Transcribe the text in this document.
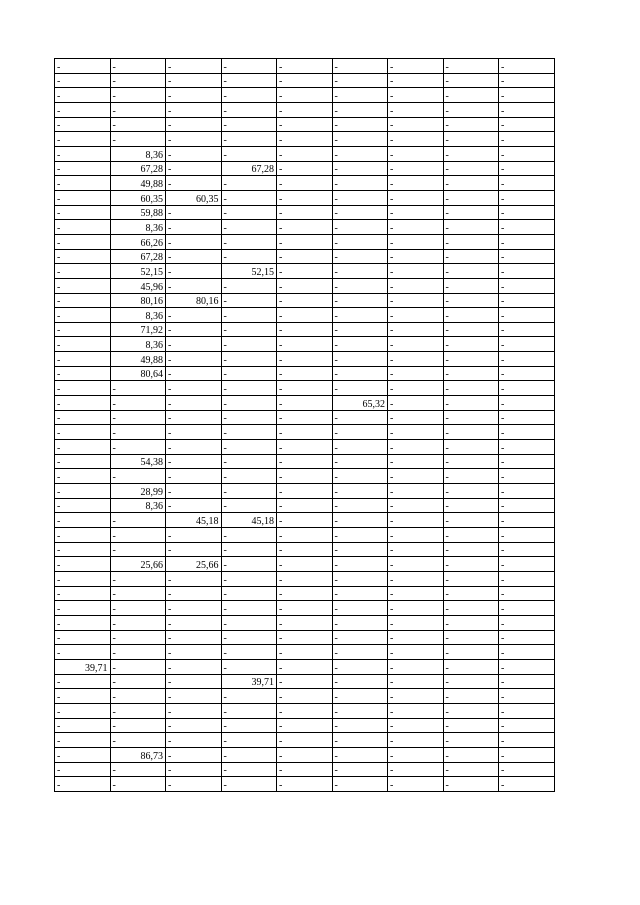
-	-	-	-	-	-	-	-	-
-	-	-	-	-	-	-	-	-
-	-	-	-	-	-	-	-	-
-	-	-	-	-	-	-	-	-
-	-	-	-	-	-	-	-	-
-	-	-	-	-	-	-	-	-
-	8,36	-	-	-	-	-	-	-
-	67,28	-	67,28	-	-	-	-	-
-	49,88	-	-	-	-	-	-	-
-	60,35	60,35	-	-	-	-	-	-
-	59,88	-	-	-	-	-	-	-
-	8,36	-	-	-	-	-	-	-
-	66,26	-	-	-	-	-	-	-
-	67,28	-	-	-	-	-	-	-
-	52,15	-	52,15	-	-	-	-	-
-	45,96	-	-	-	-	-	-	-
-	80,16	80,16	-	-	-	-	-	-
-	8,36	-	-	-	-	-	-	-
-	71,92	-	-	-	-	-	-	-
-	8,36	-	-	-	-	-	-	-
-	49,88	-	-	-	-	-	-	-
-	80,64	-	-	-	-	-	-	-
-	-	-	-	-	-	-	-	-
-	-	-	-	-	65,32	-	-	-
-	-	-	-	-	-	-	-	-
-	-	-	-	-	-	-	-	-
-	-	-	-	-	-	-	-	-
-	54,38	-	-	-	-	-	-	-
-	-	-	-	-	-	-	-	-
-	28,99	-	-	-	-	-	-	-
-	8,36	-	-	-	-	-	-	-
-	-	45,18	45,18	-	-	-	-	-
-	-	-	-	-	-	-	-	-
-	-	-	-	-	-	-	-	-
-	25,66	25,66	-	-	-	-	-	-
-	-	-	-	-	-	-	-	-
-	-	-	-	-	-	-	-	-
-	-	-	-	-	-	-	-	-
-	-	-	-	-	-	-	-	-
-	-	-	-	-	-	-	-	-
-	-	-	-	-	-	-	-	-
39,71	-	-	-	-	-	-	-	-
-	-	-	39,71	-	-	-	-	-
-	-	-	-	-	-	-	-	-
-	-	-	-	-	-	-	-	-
-	-	-	-	-	-	-	-	-
-	-	-	-	-	-	-	-	-
-	86,73	-	-	-	-	-	-	-
-	-	-	-	-	-	-	-	-
-	-	-	-	-	-	-	-	-
